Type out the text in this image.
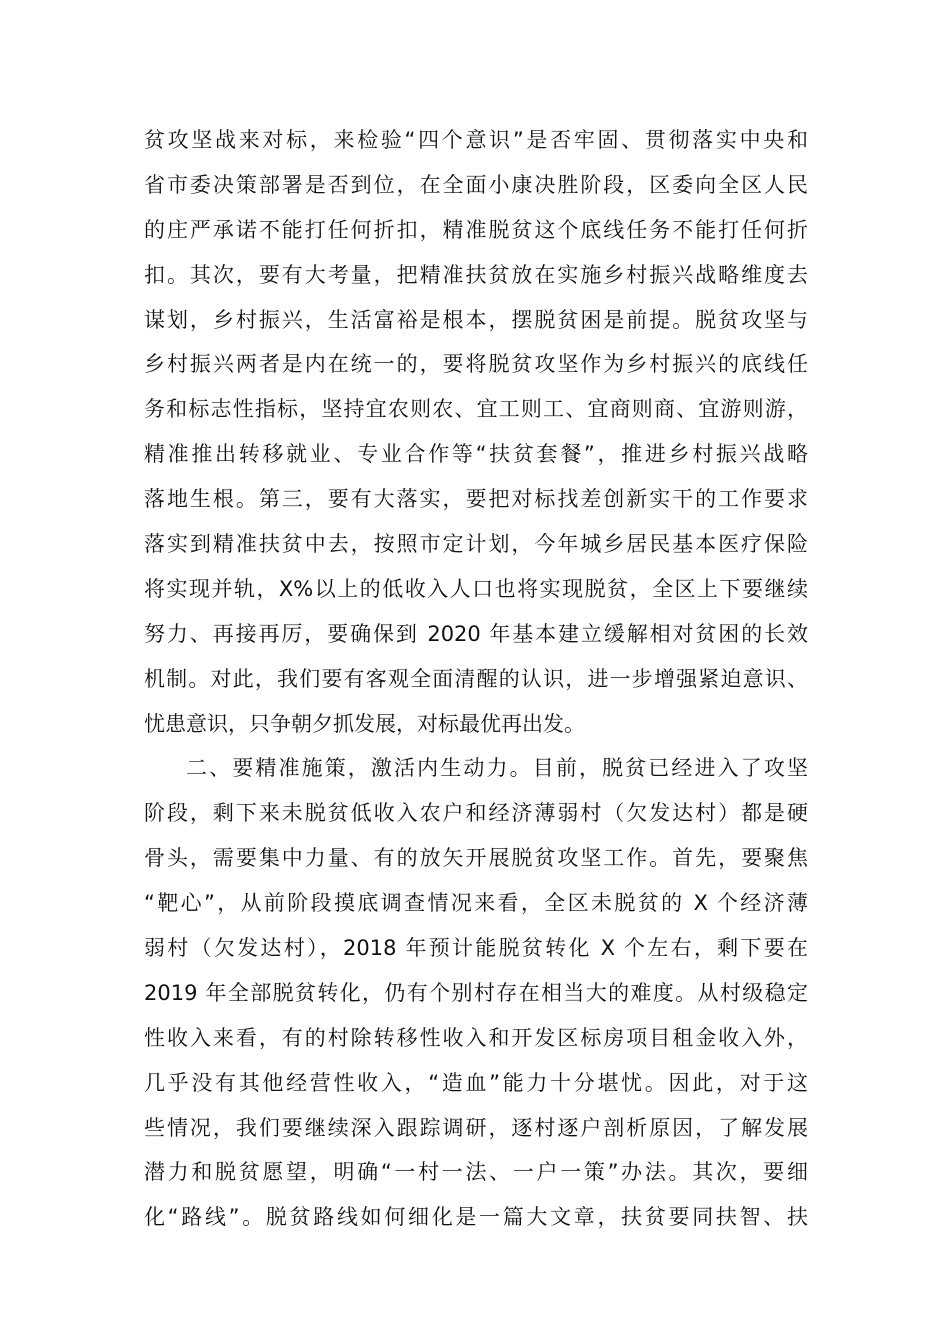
贫攻坚战来对标，来检验“四个意识”是否牢固、贯彻落实中央和
省市委决策部署是否到位，在全面小康决胜阶段，区委向全区人民
的庄严承诺不能打任何折扣，精准脱贫这个底线任务不能打任何折
扣。其次，要有大考量，把精准扶贫放在实施乡村振兴战略维度去
谋划，乡村振兴，生活富裕是根本，摆脱贫困是前提。脱贫攻坚与
乡村振兴两者是内在统一的，要将脱贫攻坚作为乡村振兴的底线任
务和标志性指标，坚持宜农则农、宜工则工、宜商则商、宜游则游，
精准推出转移就业、专业合作等“扶贫套餐”，推进乡村振兴战略
落地生根。第三，要有大落实，要把对标找差创新实干的工作要求
落实到精准扶贫中去，按照市定计划，今年城乡居民基本医疗保险
将实现并轨，X%以上的低收入人口也将实现脱贫，全区上下要继续
努力、再接再厉，要确保到 2020 年基本建立缓解相对贫困的长效
机制。对此，我们要有客观全面清醒的认识，进一步增强紧迫意识、
忧患意识，只争朝夕抓发展，对标最优再出发。
二、要精准施策，激活内生动力。目前，脱贫已经进入了攻坚
阶段，剩下来未脱贫低收入农户和经济薄弱村（欠发达村）都是硬
骨头，需要集中力量、有的放矢开展脱贫攻坚工作。首先，要聚焦
“靶心”，从前阶段摸底调查情况来看，全区未脱贫的 X 个经济薄
弱村（欠发达村），2018 年预计能脱贫转化 X 个左右，剩下要在
2019 年全部脱贫转化，仍有个别村存在相当大的难度。从村级稳定
性收入来看，有的村除转移性收入和开发区标房项目租金收入外，
几乎没有其他经营性收入，“造血”能力十分堪忧。因此，对于这
些情况，我们要继续深入跟踪调研，逐村逐户剖析原因，了解发展
潜力和脱贫愿望，明确“一村一法、一户一策”办法。其次，要细
化“路线”。脱贫路线如何细化是一篇大文章，扶贫要同扶智、扶
